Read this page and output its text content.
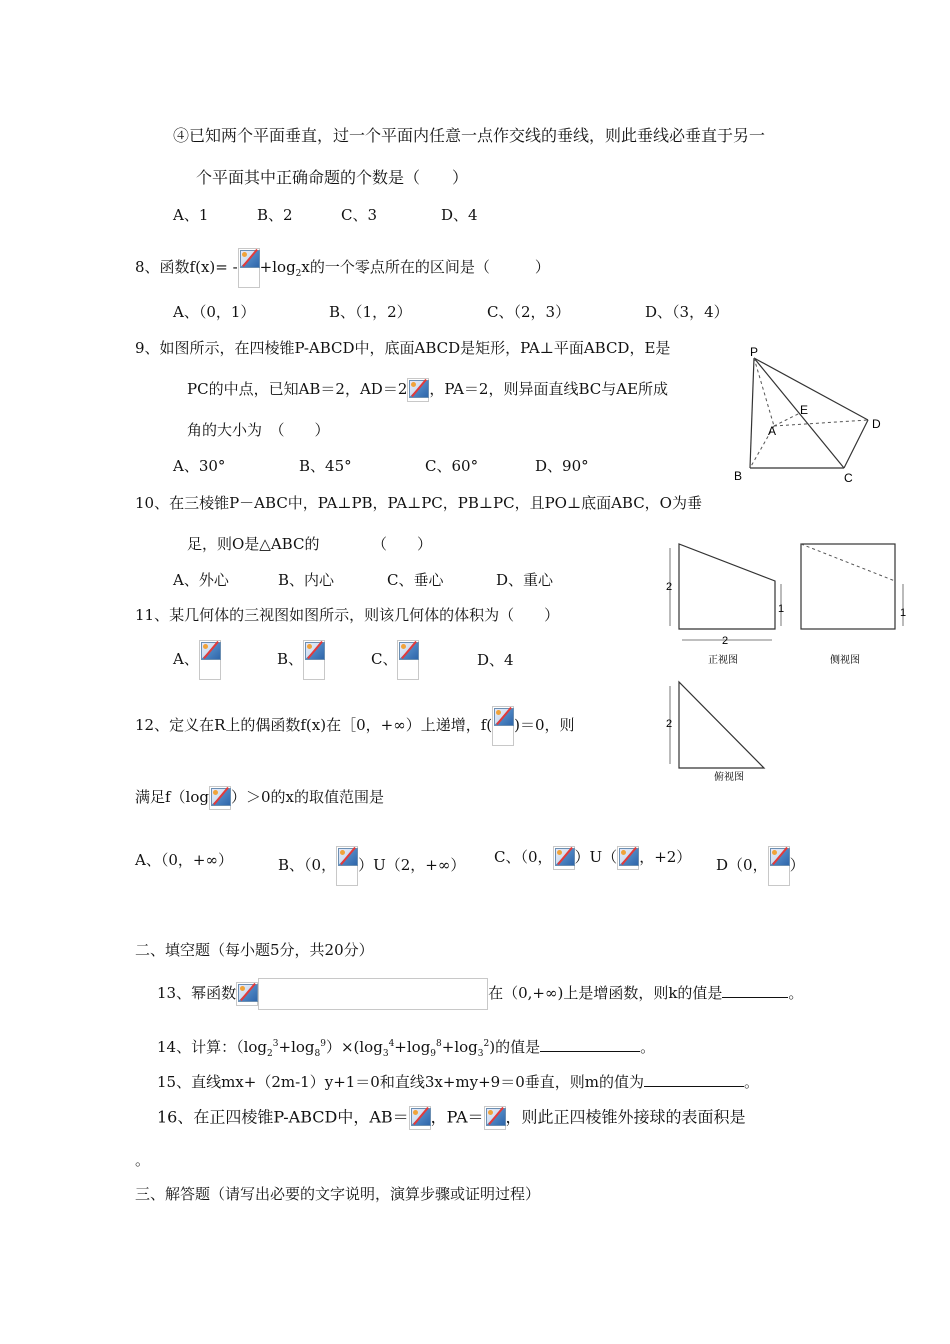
④已知两个平面垂直，过一个平面内任意一点作交线的垂线，则此垂线必垂直于另一
个平面其中正确命题的个数是（　　）
A、1	B、2	C、3	D、4
8、函数$f(x)= - +\log_2x$的一个零点所在的区间是（　　　）
A、（0，1）	B、（1，2）	C、（2，3）	D、（3，4）
9、如图所示，在四棱锥P-ABCD中，底面ABCD是矩形，PA⊥平面ABCD，E是
PC的中点，已知AB＝2，AD＝2 ，PA＝2，则异面直线BC与AE所成
角的大小为　（　　）
A、30°	B、45°	C、60°	D、90°
P
A
B	C
D
E
10、在三棱锥P－ABC中，PA⊥PB，PA⊥PC，PB⊥PC，且PO⊥底面ABC，O为垂
足，则O是△ABC的　　　　（　　）
A、外心	B、内心	C、垂心	D、重心	2
1
2
1
2
正视图	侧视图
俯视图
11、某几何体的三视图如图所示，则该几何体的体积为（　　）
A、	B、	C、	D、4
12、定义在R上的偶函数f(x)在［0，+∞）上递增，f( )＝0，则
满足f（log ）＞0的x的取值范围是
A、（0，+∞）	B、（0， ）U（2，+∞） C、（0， ）U（ ，+2） D（0， ）
二、填空题（每小题5分，共20分）
13、幂函数	在（0,+∞)上是增函数，则k的值是	。
14、计算：$(\log_2^3+\log_8^9)\times(\log_3^4+\log_9^8+\log_3^2)$的值是	。
15、直线mx+（2m-1）y+1＝0和直线3x+my+9＝0垂直，则m的值为	。
16、在正四棱锥P-ABCD中，AB＝ ，PA＝ ，则此正四棱锥外接球的表面积是
。
三、解答题（请写出必要的文字说明，演算步骤或证明过程）
